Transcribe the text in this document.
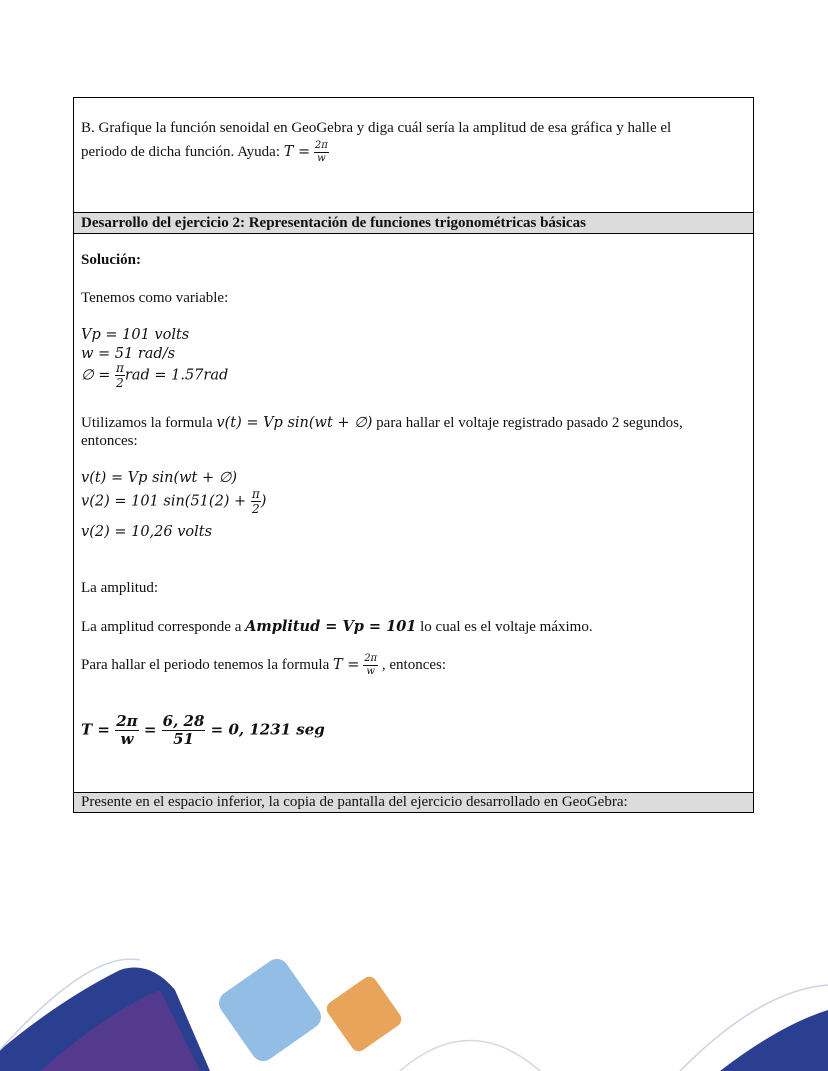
B. Grafique la función senoidal en GeoGebra y diga cuál sería la amplitud de esa gráfica y halle el
periodo de dicha función. Ayuda: $T = \frac{2\pi}{w}$
Desarrollo del ejercicio 2: Representación de funciones trigonométricas básicas
Solución:
Tenemos como variable:
Vp = 101 volts
w = 51 rad/s
∅ = $\frac{\pi}{2}$ rad = 1.57rad
Utilizamos la formula v(t) = Vp sin(wt + ∅) para hallar el voltaje registrado pasado 2 segundos,
entonces:
v(t) = Vp sin(wt + ∅)
v(2) = 101 $\sin(51(2) + \frac{\pi}{2}$ )
v(2) = 10,26 volts
La amplitud:
La amplitud corresponde a Amplitud = Vp = 101 lo cual es el voltaje máximo.
Para hallar el periodo tenemos la formula $T = \frac{2\pi}{w}$ , entonces:
$T = \frac{2\pi}{w} = \frac{6, 28}{51} = 0$, 1231 seg
Presente en el espacio inferior, la copia de pantalla del ejercicio desarrollado en GeoGebra:
